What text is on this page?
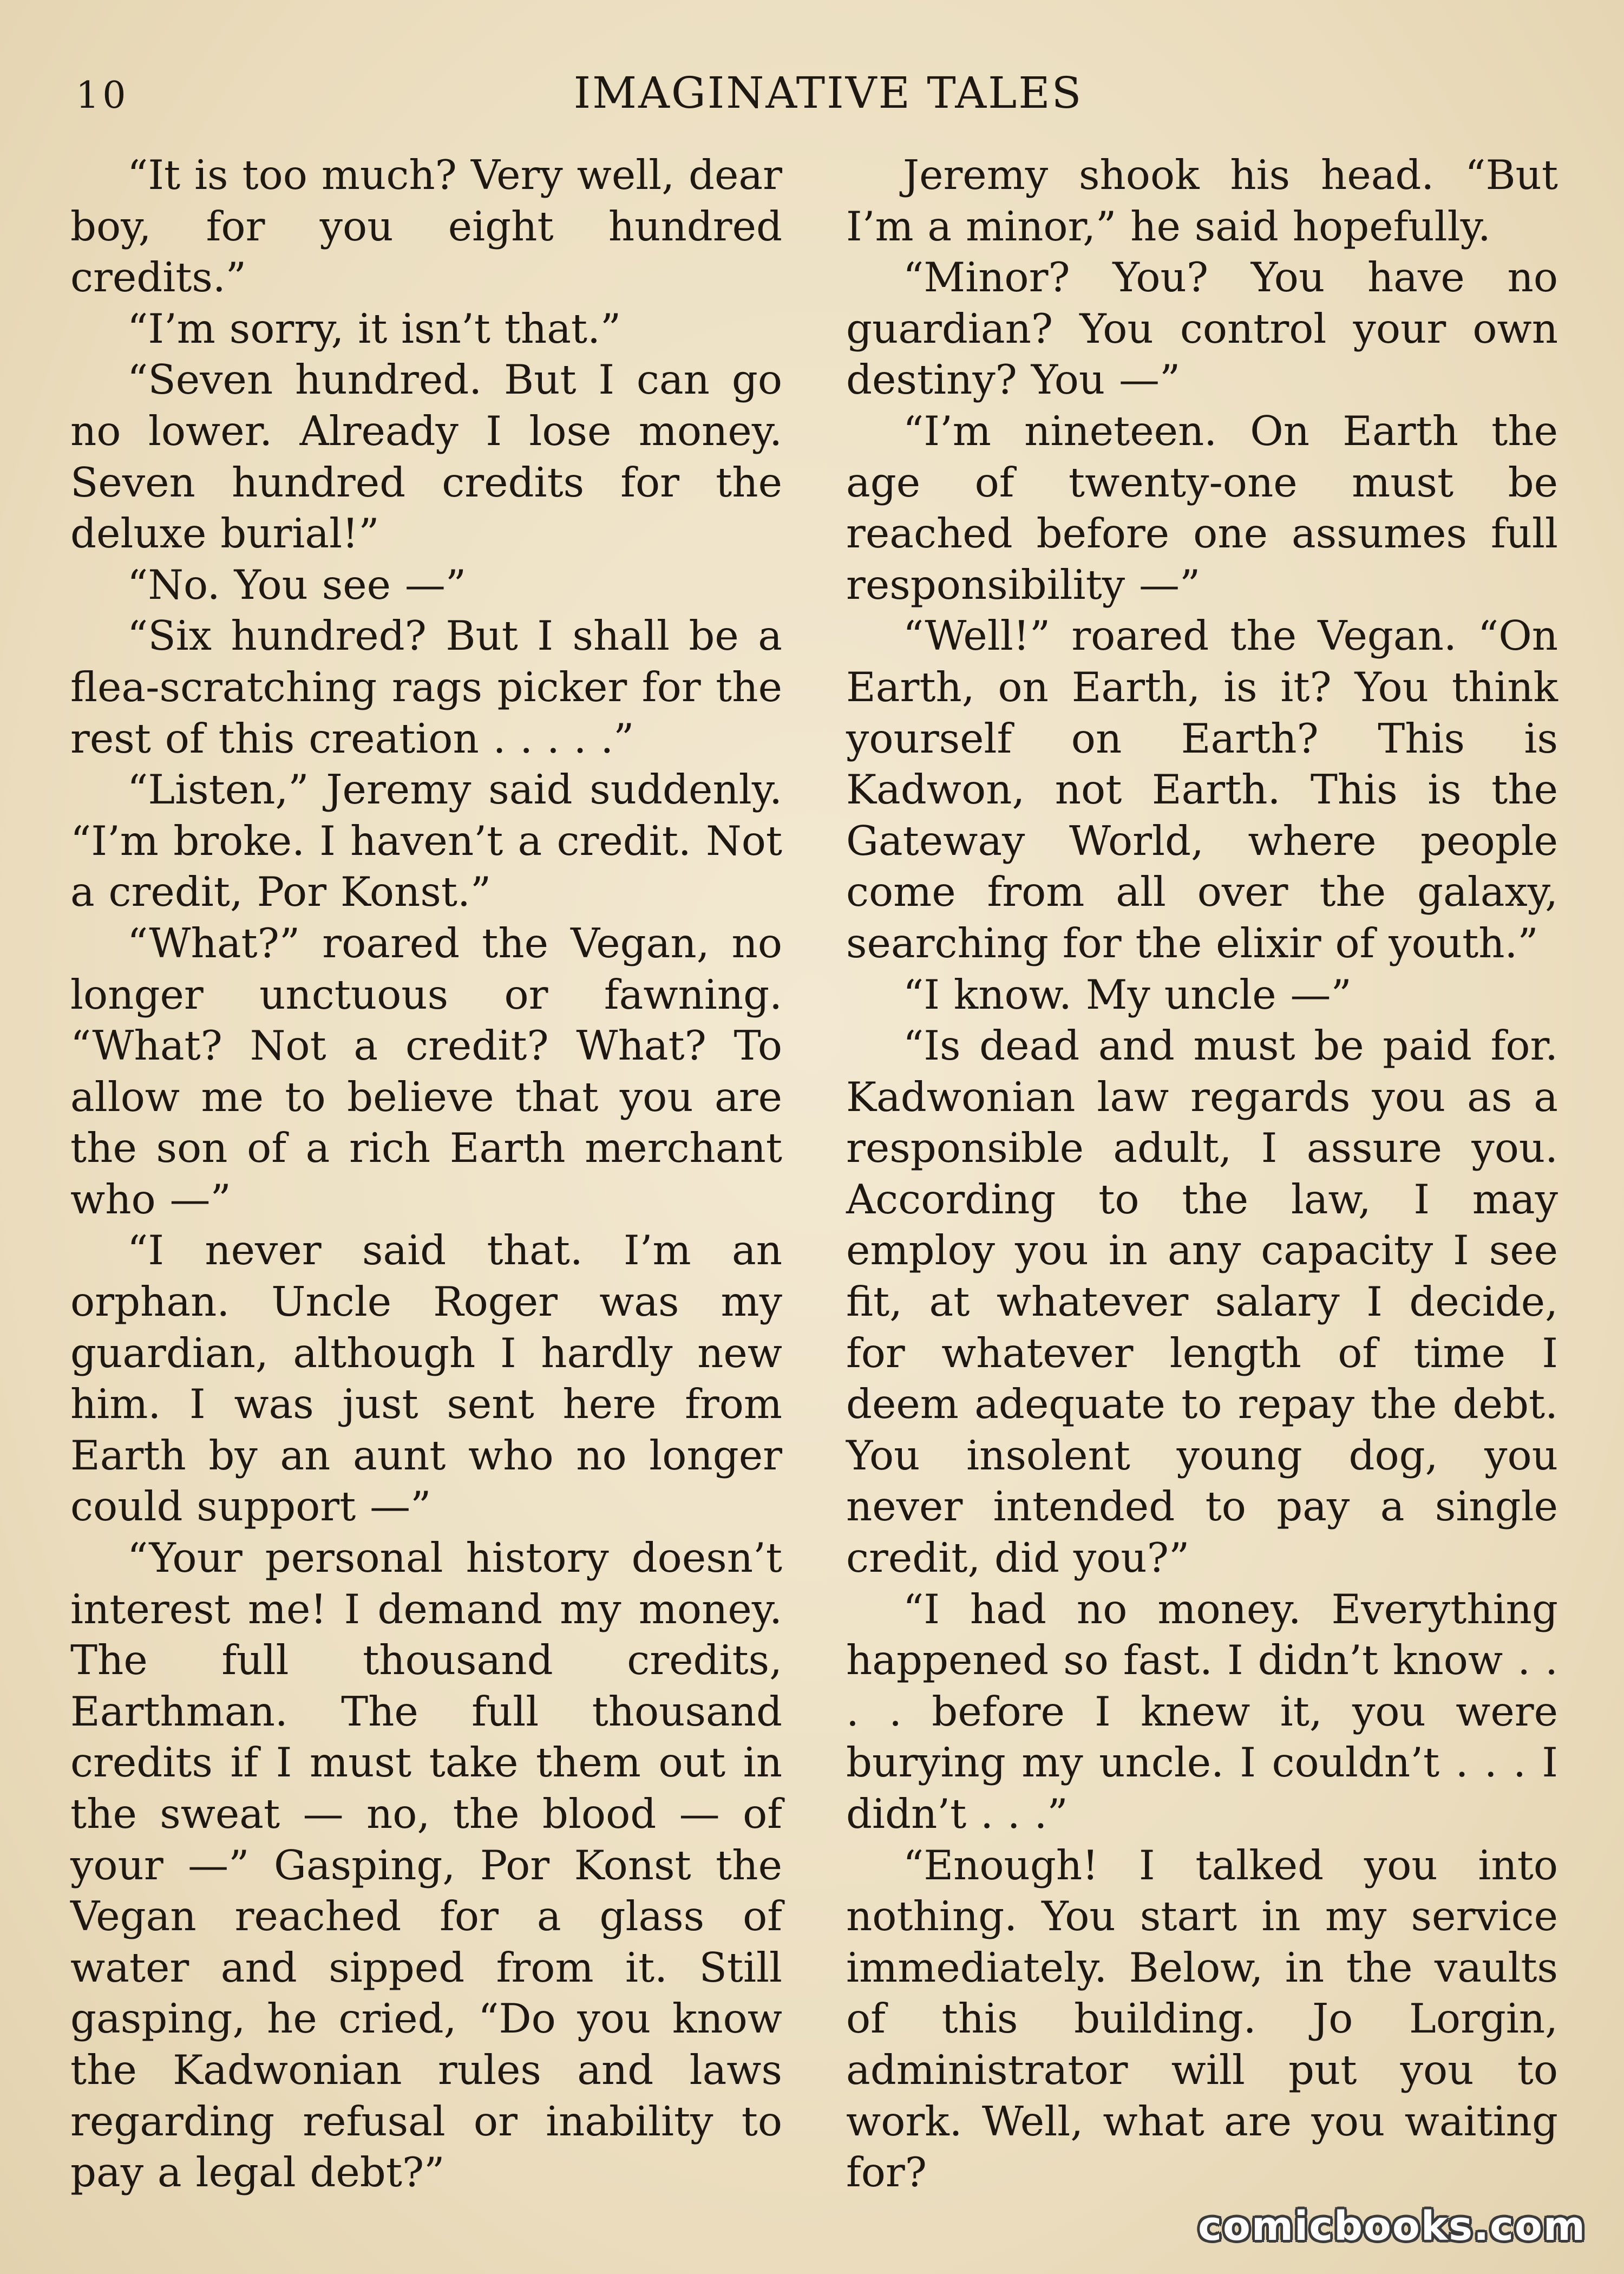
10	IMAGINATIVE TALES

“It is too much? Very well, dear boy, for you eight hundred credits.”

“I’m sorry, it isn’t that.”

“Seven hundred. But I can go no lower. Already I lose money. Seven hundred credits for the deluxe burial!”

“No. You see —”

“Six hundred? But I shall be a flea-scratching rags picker for the rest of this creation . . . . .”

“Listen,” Jeremy said suddenly. “I’m broke. I haven’t a credit. Not a credit, Por Konst.”

“What?” roared the Vegan, no longer unctuous or fawning. “What? Not a credit? What? To allow me to believe that you are the son of a rich Earth merchant who —”

“I never said that. I’m an orphan. Uncle Roger was my guardian, although I hardly new him. I was just sent here from Earth by an aunt who no longer could support —”

“Your personal history doesn’t interest me! I demand my money. The full thousand credits, Earthman. The full thousand credits if I must take them out in the sweat — no, the blood — of your —” Gasping, Por Konst the Vegan reached for a glass of water and sipped from it. Still gasping, he cried, “Do you know the Kadwonian rules and laws regarding refusal or inability to pay a legal debt?”

Jeremy shook his head. “But I’m a minor,” he said hopefully.

“Minor? You? You have no guardian? You control your own destiny? You —”

“I’m nineteen. On Earth the age of twenty-one must be reached before one assumes full responsibility —”

“Well!” roared the Vegan. “On Earth, on Earth, is it? You think yourself on Earth? This is Kadwon, not Earth. This is the Gateway World, where people come from all over the galaxy, searching for the elixir of youth.”

“I know. My uncle —”

“Is dead and must be paid for. Kadwonian law regards you as a responsible adult, I assure you. According to the law, I may employ you in any capacity I see fit, at whatever salary I decide, for whatever length of time I deem adequate to repay the debt. You insolent young dog, you never intended to pay a single credit, did you?”

“I had no money. Everything happened so fast. I didn’t know . . . . before I knew it, you were burying my uncle. I couldn’t . . . I didn’t . . .”

“Enough! I talked you into nothing. You start in my service immediately. Below, in the vaults of this building. Jo Lorgin, administrator will put you to work. Well, what are you waiting for?

comicbooks.com
